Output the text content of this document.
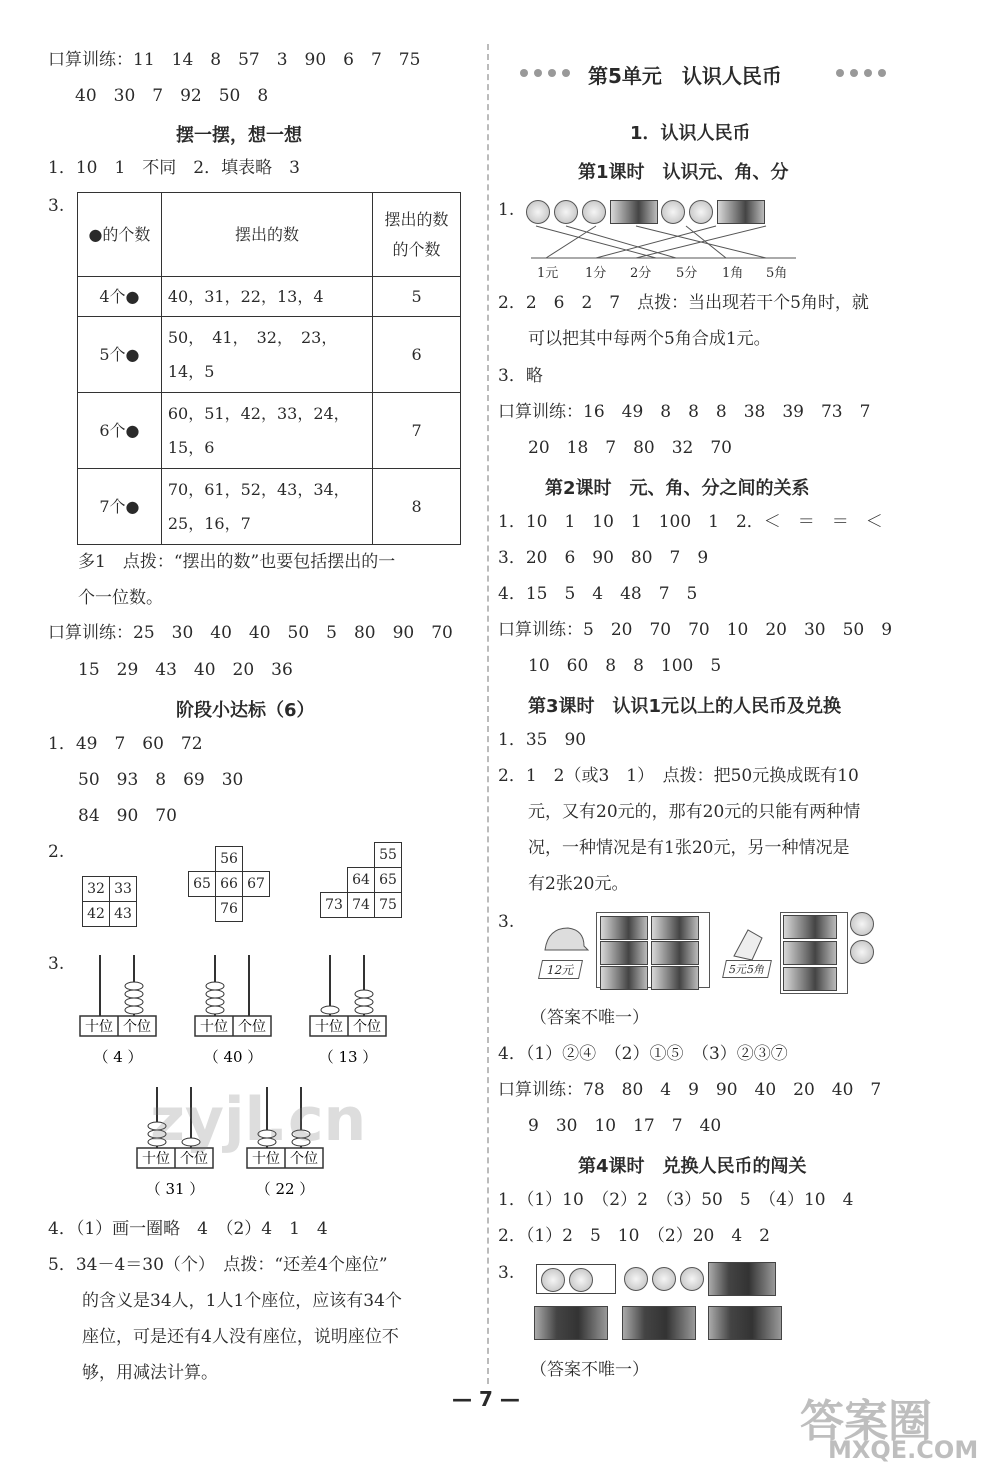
口算训练：11　14　8　57　3　90　6　7　75
40　30　7　92　50　8
摆一摆，想一想
1．10　1　不同　2．填表略　3
3.
●的个数	摆出的数	摆出的数的个数
4个●	40，31，22，13，4	5
5个●	50，　41，　32，　23，14，5	6
6个●	60，51，42，33，24，15，6	7
7个●	70，61，52，43，34，25，16，7	8
多1　点拨：“摆出的数”也要包括摆出的一
个一位数。
口算训练：25　30　40　40　50　5　80　90　70
15　29　43　40　20　36
阶段小达标（6）
1．49　7　60　72
50　93　8　69　30
84　90　70
2.
32	33
42	43
	56	
65	66	67
	76	
		55
	64	65
73	74	75
3.
十位 个位
（ 4 ）
十位 个位
（ 40 ）
十位 个位
（ 13 ）
十位 个位
（ 31 ）
十位 个位
（ 22 ）
4．（1）画一圈略　4　（2）4　1　4
5．34－4＝30（个）　点拨：“还差4个座位”
的含义是34人，1人1个座位，应该有34个
座位，可是还有4人没有座位，说明座位不
够，用减法计算。
第5单元　认识人民币
1．认识人民币
第1课时　认识元、角、分
1.
1元 1分 2分 5分 1角 5角
2．2　6　2　7　点拨：当出现若干个5角时，就
可以把其中每两个5角合成1元。
3．略
口算训练：16　49　8　8　8　38　39　73　7
20　18　7　80　32　70
第2课时　元、角、分之间的关系
1．10　1　10　1　100　1　2．＜　＝　＝　＜
3．20　6　90　80　7　9
4．15　5　4　48　7　5
口算训练：5　20　70　70　10　20　30　50　9
10　60　8　8　100　5
第3课时　认识1元以上的人民币及兑换
1．35　90
2．1　2（或3　1）　点拨：把50元换成既有10
元，又有20元的，那有20元的只能有两种情
况，一种情况是有1张20元，另一种情况是
有2张20元。
3.
12元	5元5角

（答案不唯一）
4．（1）②④　（2）①⑤　（3）②③⑦
口算训练：78　80　4　9　90　40　20　40　7
9　30　10　17　7　40
第4课时　兑换人民币的闯关
1．（1）10　（2）2　（3）50　5　（4）10　4
2．（1）2　5　10　（2）20　4　2
3.
（答案不唯一）
— 7 —
zyjl.cn
答案圈
MXQE.COM
